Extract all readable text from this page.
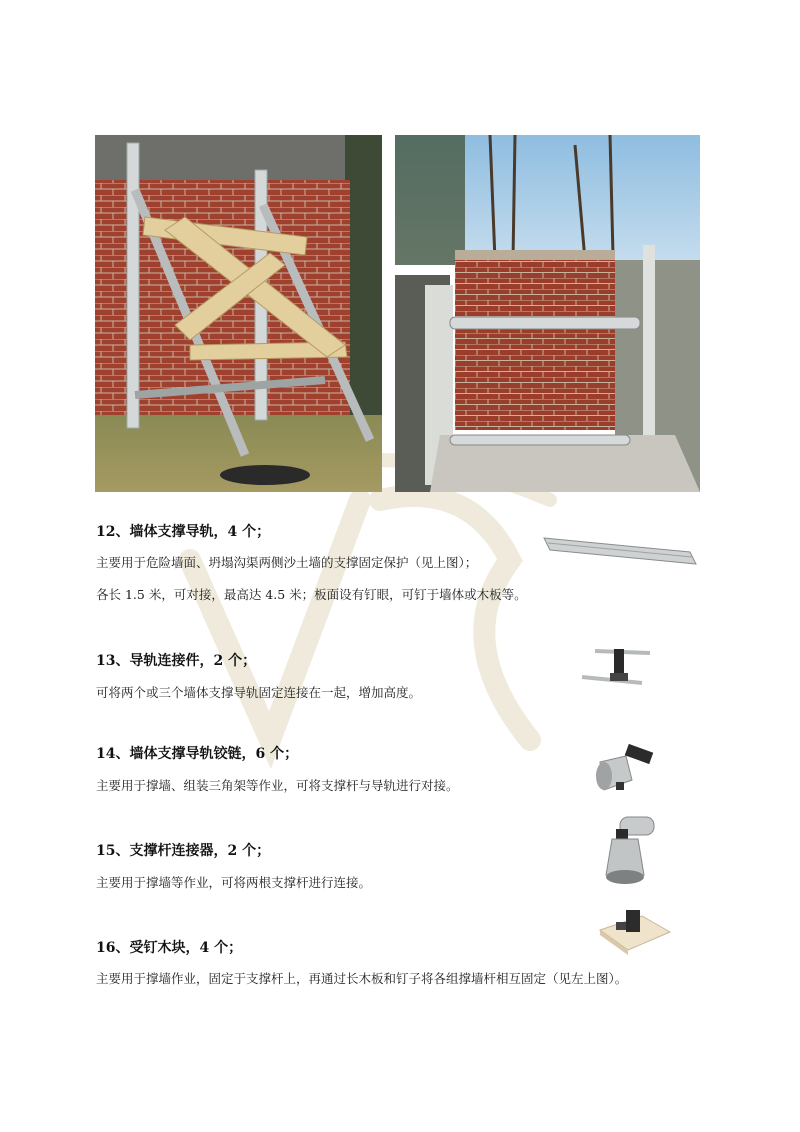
12、墙体支撑导轨，4 个；
主要用于危险墙面、坍塌沟渠两侧沙土墙的支撑固定保护（见上图）；
各长 1.5 米，可对接，最高达 4.5 米；板面设有钉眼，可钉于墙体或木板等。
13、导轨连接件，2 个；
可将两个或三个墙体支撑导轨固定连接在一起，增加高度。
14、墙体支撑导轨铰链，6 个；
主要用于撑墙、组装三角架等作业，可将支撑杆与导轨进行对接。
15、支撑杆连接器，2 个；
主要用于撑墙等作业，可将两根支撑杆进行连接。
16、受钉木块，4 个；
主要用于撑墙作业，固定于支撑杆上，再通过长木板和钉子将各组撑墙杆相互固定（见左上图）。
